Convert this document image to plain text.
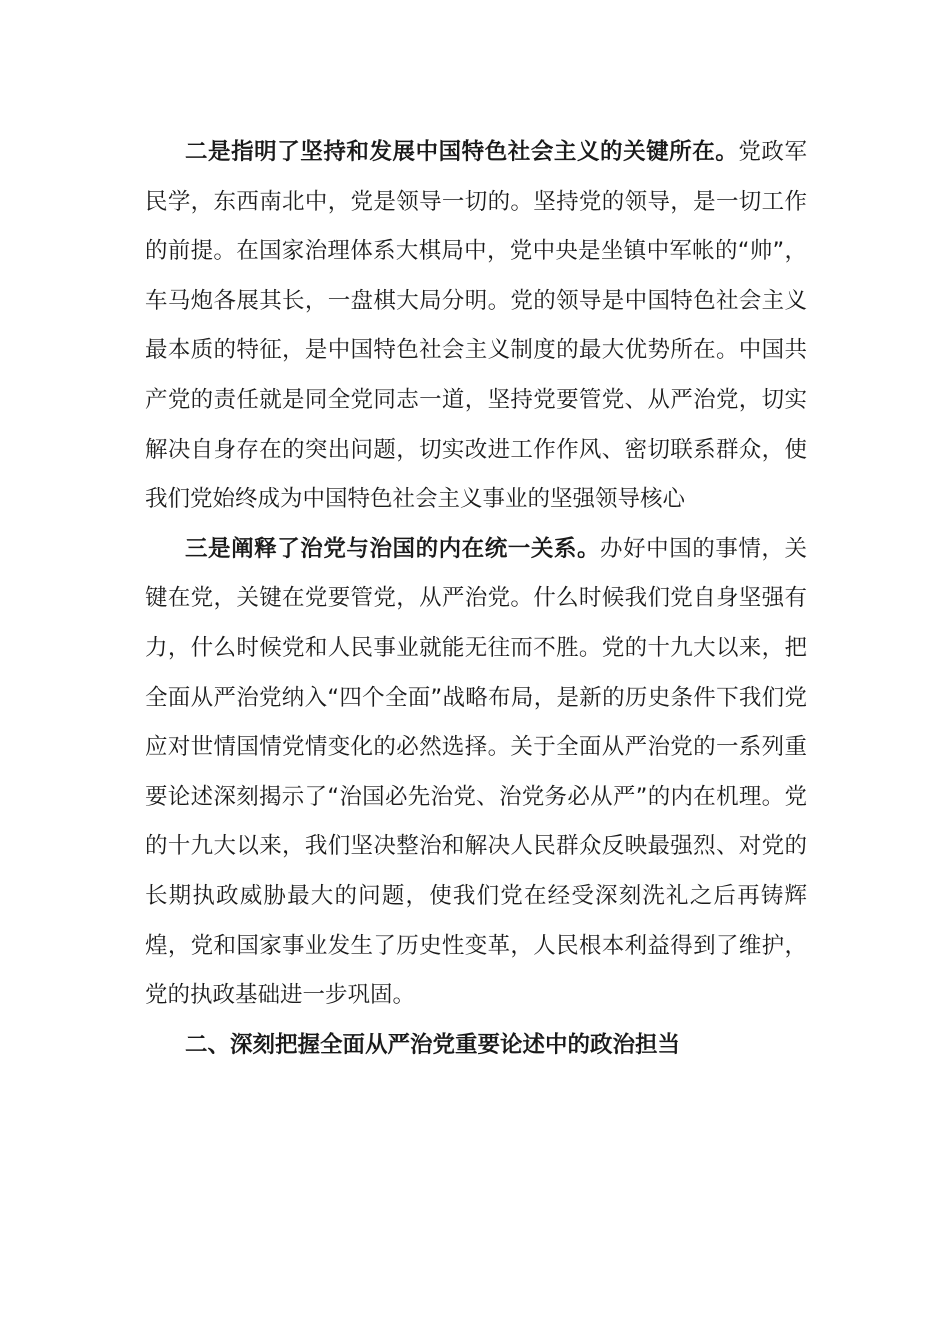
二是指明了坚持和发展中国特色社会主义的关键所在。党政军民学，东西南北中，党是领导一切的。坚持党的领导，是一切工作的前提。在国家治理体系大棋局中，党中央是坐镇中军帐的“帅”，车马炮各展其长，一盘棋大局分明。党的领导是中国特色社会主义最本质的特征，是中国特色社会主义制度的最大优势所在。中国共产党的责任就是同全党同志一道，坚持党要管党、从严治党，切实解决自身存在的突出问题，切实改进工作作风、密切联系群众，使我们党始终成为中国特色社会主义事业的坚强领导核心

三是阐释了治党与治国的内在统一关系。办好中国的事情，关键在党，关键在党要管党，从严治党。什么时候我们党自身坚强有力，什么时候党和人民事业就能无往而不胜。党的十九大以来，把全面从严治党纳入“四个全面”战略布局，是新的历史条件下我们党应对世情国情党情变化的必然选择。关于全面从严治党的一系列重要论述深刻揭示了“治国必先治党、治党务必从严”的内在机理。党的十九大以来，我们坚决整治和解决人民群众反映最强烈、对党的长期执政威胁最大的问题，使我们党在经受深刻洗礼之后再铸辉煌，党和国家事业发生了历史性变革，人民根本利益得到了维护，党的执政基础进一步巩固。

二、深刻把握全面从严治党重要论述中的政治担当
